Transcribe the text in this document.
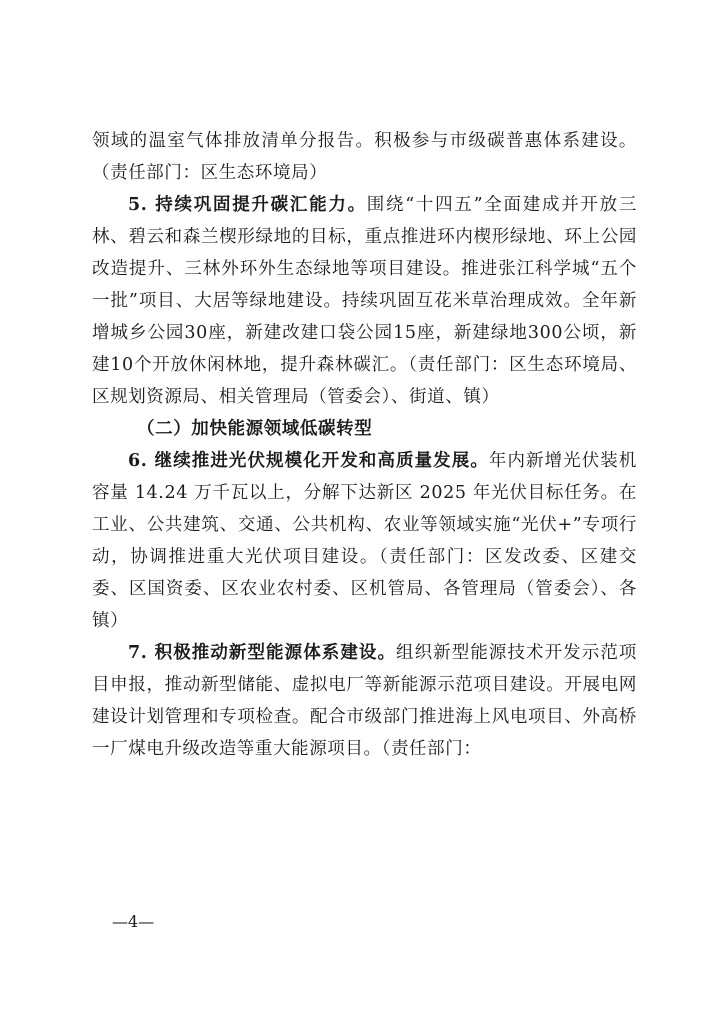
领域的温室气体排放清单分报告。积极参与市级碳普惠体系建设。（责任部门：区生态环境局）

5. 持续巩固提升碳汇能力。围绕“十四五”全面建成并开放三林、碧云和森兰楔形绿地的目标，重点推进环内楔形绿地、环上公园改造提升、三林外环外生态绿地等项目建设。推进张江科学城“五个一批”项目、大居等绿地建设。持续巩固互花米草治理成效。全年新增城乡公园30座，新建改建口袋公园15座，新建绿地300公顷，新建10个开放休闲林地，提升森林碳汇。（责任部门：区生态环境局、区规划资源局、相关管理局（管委会）、街道、镇）

（二）加快能源领域低碳转型

6. 继续推进光伏规模化开发和高质量发展。年内新增光伏装机容量 14.24 万千瓦以上，分解下达新区 2025 年光伏目标任务。在工业、公共建筑、交通、公共机构、农业等领域实施“光伏+”专项行动，协调推进重大光伏项目建设。（责任部门：区发改委、区建交委、区国资委、区农业农村委、区机管局、各管理局（管委会）、各镇）

7. 积极推动新型能源体系建设。组织新型能源技术开发示范项目申报，推动新型储能、虚拟电厂等新能源示范项目建设。开展电网建设计划管理和专项检查。配合市级部门推进海上风电项目、外高桥一厂煤电升级改造等重大能源项目。（责任部门：

—4—
